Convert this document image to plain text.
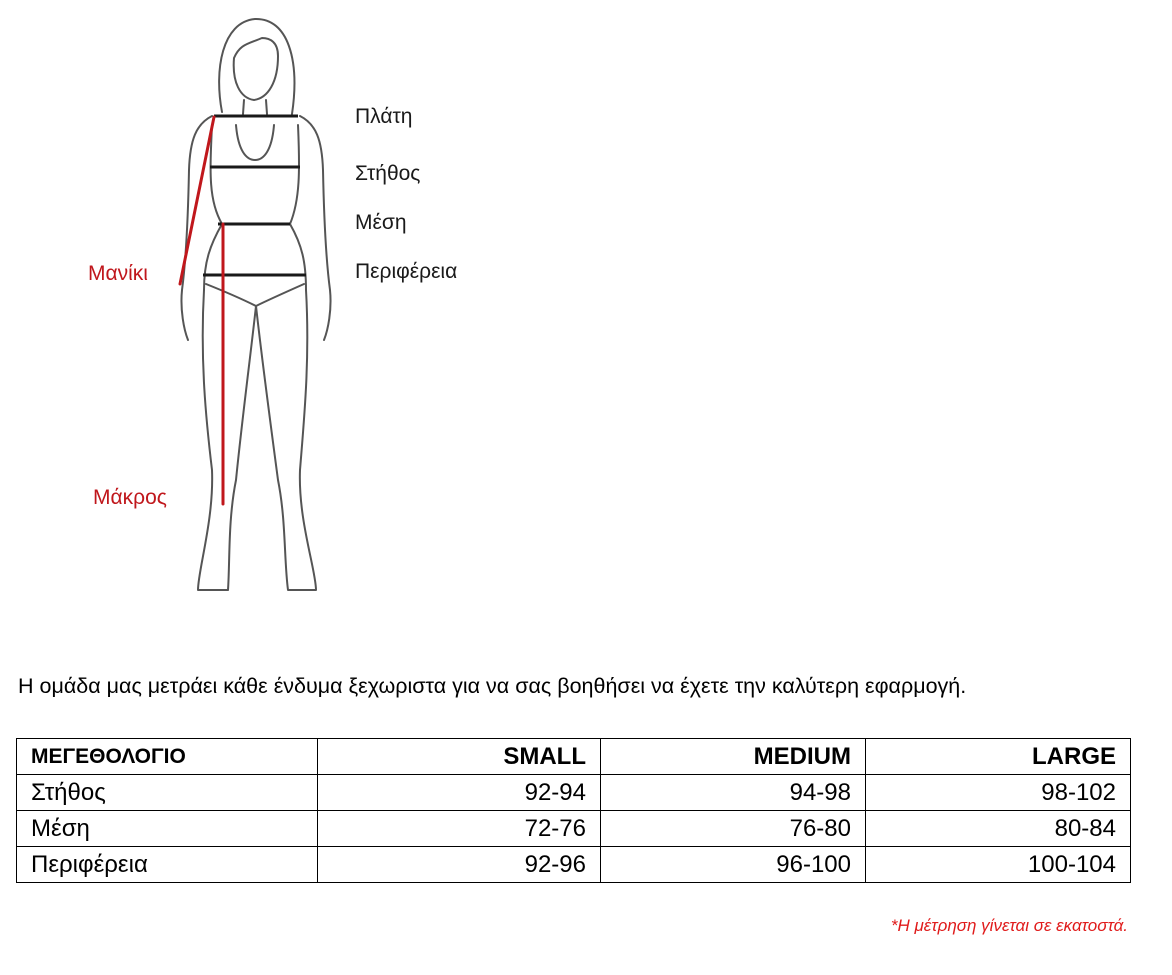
Πλάτη
Στήθος
Μέση
Περιφέρεια
Μανίκι
Μάκρος
Η ομάδα μας μετράει κάθε ένδυμα ξεχωριστα για να σας βοηθήσει να έχετε την καλύτερη εφαρμογή.
ΜΕΓΕΘΟΛΟΓΙΟ	SMALL	MEDIUM	LARGE
Στήθος	92-94	94-98	98-102
Μέση	72-76	76-80	80-84
Περιφέρεια	92-96	96-100	100-104
*Η μέτρηση γίνεται σε εκατοστά.
